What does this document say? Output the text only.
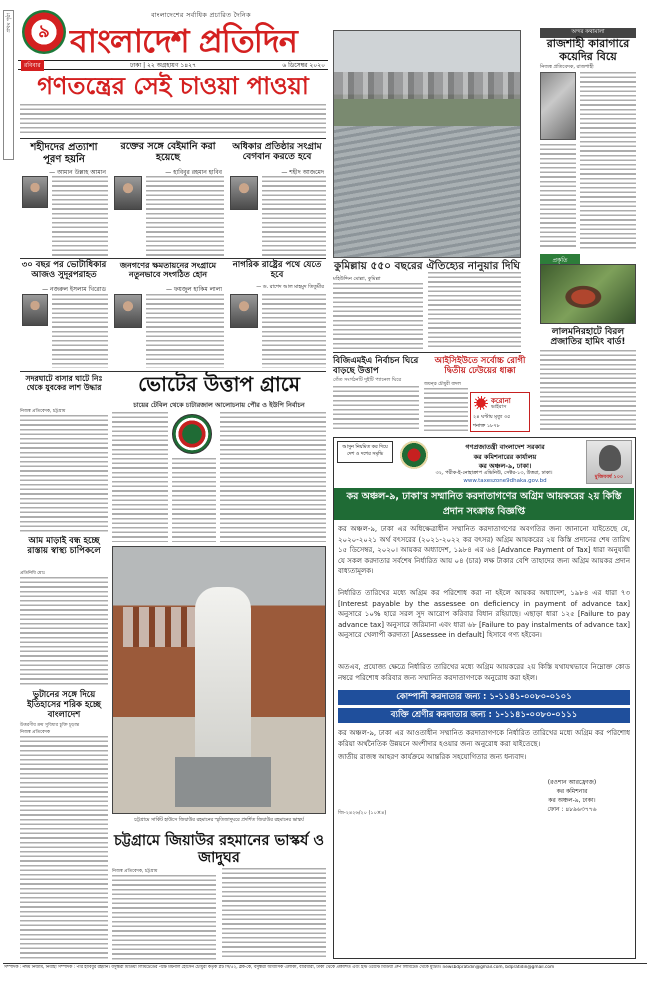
প্রথম পৃষ্ঠা ৯
বাংলাদেশের সর্বাধিক প্রচারিত দৈনিক
বাংলাদেশ প্রতিদিন
রবিবার	ঢাকা | ২২ অগ্রহায়ণ ১৪২৭	৬ ডিসেম্বর ২০২০
গণতন্ত্রের সেই চাওয়া পাওয়া
শহীদদের প্রত্যাশা পূরণ হয়নি
— আমান উল্লাহ আমান
রক্তের সঙ্গে বেইমানি করা হয়েছে
— হাবিবুর রহমান হাবিব
অধিকার প্রতিষ্ঠার সংগ্রাম বেগবান করতে হবে
— শহীদ আজমেদ
৩০ বছর পর ভোটাধিকার আজও সুদূরপরাহত
— নজরুল ইসলাম খিরোড
জনগণের ক্ষমতায়নের সংগ্রামে নতুনভাবে সংগঠিত হোন
— ফয়জুল হাকিম লালা
নাগরিক রাষ্ট্রের পথে যেতে হবে
— ড. রাশেদ আল মাহমুদ তিতুমীর
কুমিল্লায় ৫৫০ বছরের ঐতিহ্যের নানুয়ার দিঘি
মহিউদ্দিন মোল্লা, কুমিল্লা
অন্দর কথামালা
রাজশাহী কারাগারে কয়েদির বিয়ে
নিজস্ব প্রতিবেদক, রাজশাহী
প্রকৃতি
লালমনিরহাটে বিরল প্রজাতির হামিং বার্ড!
বিজিএমইএ নির্বাচন ঘিরে বাড়ছে উত্তাপ
তেঁত সংগঠনটি দুইটি প্যানেল ঘিরে
আইসিইউতে সর্বোচ্চ রোগী দ্বিতীয় ঢেউয়ের ধাক্কা
জয়ন্ত্ন চৌধুরী বাদল
করোনা
ভাইরাস
২৪ ঘণ্টায় মৃত্যু ৩৫
শনাক্ত ১৮৭৮
সদরঘাটে বাসার ঘাটে নিঃ থেকে যুবকের লাশ উদ্ধার
নিজস্ব প্রতিবেদক, চট্টগ্রাম
ভোটের উত্তাপ গ্রামে
চায়ের টেবিল থেকে চাটারজাল আলোচনায় পৌর ও ইউপি নির্বাচন
আম মাড়াই বন্ধ হচ্ছে রাস্তায় স্বাস্থ্য চাপিকলে
প্রতিনিধি মোঃ
চট্টগ্রামে সার্কিট হাউসে জিয়াউর রহমানের স্মৃতিজাদুঘরে প্রদর্শিত জিয়াউর রহমানের ভাস্কর্য
ভুটানের সঙ্গে দিয়ে ইতিহাসের শরিক হচ্ছে বাংলাদেশ
উত্তরণীয় ক্রম সুবিধার চুক্তি চূড়ান্ত
নিজস্ব প্রতিবেদক
চট্টগ্রামে জিয়াউর রহমানের ভাস্কর্য ও জাদুঘর
নিজস্ব প্রতিবেদক, চট্টগ্রাম
আসুন নিয়মিত কর দিয়ে
দেশ ও দশের সমৃদ্ধি
গণপ্রজাতন্ত্রী বাংলাদেশ সরকার
কর কমিশনারের কার্যালয়
কর অঞ্চল-৯, ঢাকা।
৩২, পরীক-ই-নোহাক্রাপ এভিনিউ, সেক্টর-১৩, উত্তরা, ঢাকা।
www.taxeszone9dhaka.gov.bd
মুজিববর্ষ ১০০
কর অঞ্চল-৯, ঢাকা'র সম্মানিত করদাতাগণের অগ্রিম আয়করের ২য় কিস্তি প্রদান সংক্রান্ত বিজ্ঞপ্তি
কর অঞ্চল-৯, ঢাকা এর অধিক্ষেত্রাধীন সম্মানিত করদাতাগণের অবগতির জন্য জানানো যাইতেছে যে, ২০২০-২০২১ অর্থ বৎসরের (২০২১-২০২২ কর বৎসর) অগ্রিম আয়করের ২য় কিস্তি প্রদানের শেষ তারিখ ১৫ ডিসেম্বর, ২০২০। আয়কর অধ্যাদেশ, ১৯৮৪ এর ৬৪ [Advance Payment of Tax] ধারা অনুযায়ী যে সকল করদাতার সর্বশেষ নির্ধারিত আয় ০৪ (চার) লক্ষ টাকার বেশি তাহাদের জন্য অগ্রিম আয়কর প্রদান বাধ্যতামূলক।
নির্ধারিত তারিখের মধ্যে অগ্রিম কর পরিশোধ করা না হইলে আয়কর অধ্যাদেশ, ১৯৮৪ এর ধারা ৭৩ [Interest payable by the assessee on deficiency in payment of advance tax] অনুসারে ১০% হারে সরল সুদ আরোপ করিবার বিধান রহিয়াছে। এছাড়া ধারা ১২৫ [Failure to pay advance tax] অনুসারে জরিমানা এবং ধারা ৬৮ [Failure to pay instalments of advance tax] অনুসারে খেলাপী করদাতা [Assessee in default] হিসাবে গণ্য হইবেন।
অতএব, প্রযোজ্য ক্ষেত্রে নির্ধারিত তারিখের মধ্যে অগ্রিম আয়করের ২য় কিস্তি যথাযথভাবে নিম্নোক্ত কোড নম্বরে পরিশোধ করিবার জন্য সম্মানিত করদাতাগণকে অনুরোধ করা হইল।
কোম্পানী করদাতার জন্য : ১-১১৪১-০০৮০-০১০১
ব্যক্তি শ্রেণীর করদাতার জন্য : ১-১১৪১-০০৮০-০১১১
কর অঞ্চল-৯, ঢাকা এর আওতাধীন সম্মানিত করদাতাগণকে নির্ধারিত তারিখের মধ্যে অগ্রিম কর পরিশোধ করিয়া অর্থনৈতিক উন্নয়নে অংশীদার হওয়ার জন্য অনুরোধ করা যাইতেছে।
জাতীয় রাজস্ব আহরণ কার্যক্রমে আন্তরিক সহযোগিতার জন্য ধন্যবাদ।
(রওশান আরফ্রোজ)
কর কমিশনার
কর অঞ্চল-৯, ঢাকা।
ফোন : ৪৮৯৬৩৭৭৬
জি-২৪২৬/২০ (১০×৪)
সম্পাদক : নঈম নিজাম, নির্বাহী সম্পাদক : পীর হাবিবুর রহমান। বসুন্ধরা মিডিয়া লিমিটেডের পক্ষে ময়নাল হোসেন চৌধুরী কর্তৃক প্লট সি/৫২, ব্লক-কে, বসুন্ধরা আবাসিক এলাকা, বারিধারা, ঢাকা থেকে প্রকাশিত এবং ইস্ট ওয়েস্ট মিডিয়া গ্রুপ লিমিটেড থেকে মুদ্রিত। newsbdpratidin@gmail.com, bdpratidin@gmail.com
